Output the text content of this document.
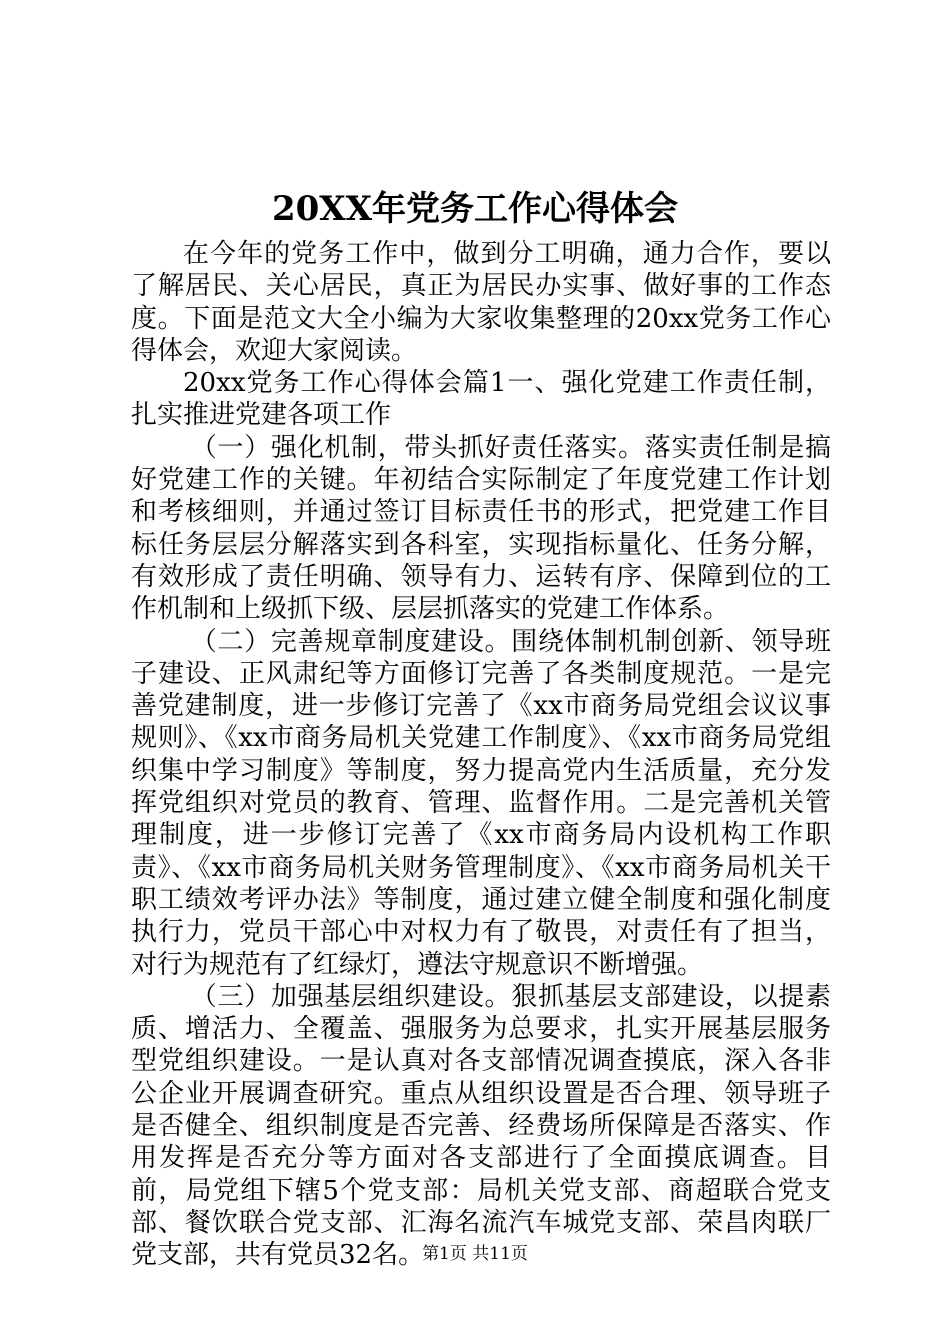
20XX年党务工作心得体会

在今年的党务工作中，做到分工明确，通力合作，要以了解居民、关心居民，真正为居民办实事、做好事的工作态度。下面是范文大全小编为大家收集整理的20xx党务工作心得体会，欢迎大家阅读。

20xx党务工作心得体会篇1一、强化党建工作责任制，扎实推进党建各项工作

（一）强化机制，带头抓好责任落实。落实责任制是搞好党建工作的关键。年初结合实际制定了年度党建工作计划和考核细则，并通过签订目标责任书的形式，把党建工作目标任务层层分解落实到各科室，实现指标量化、任务分解，有效形成了责任明确、领导有力、运转有序、保障到位的工作机制和上级抓下级、层层抓落实的党建工作体系。

（二）完善规章制度建设。围绕体制机制创新、领导班子建设、正风肃纪等方面修订完善了各类制度规范。一是完善党建制度，进一步修订完善了《xx市商务局党组会议议事规则》、《xx市商务局机关党建工作制度》、《xx市商务局党组织集中学习制度》等制度，努力提高党内生活质量，充分发挥党组织对党员的教育、管理、监督作用。二是完善机关管理制度，进一步修订完善了《xx市商务局内设机构工作职责》、《xx市商务局机关财务管理制度》、《xx市商务局机关干职工绩效考评办法》等制度，通过建立健全制度和强化制度执行力，党员干部心中对权力有了敬畏，对责任有了担当，对行为规范有了红绿灯，遵法守规意识不断增强。

（三）加强基层组织建设。狠抓基层支部建设，以提素质、增活力、全覆盖、强服务为总要求，扎实开展基层服务型党组织建设。一是认真对各支部情况调查摸底，深入各非公企业开展调查研究。重点从组织设置是否合理、领导班子是否健全、组织制度是否完善、经费场所保障是否落实、作用发挥是否充分等方面对各支部进行了全面摸底调查。目前，局党组下辖5个党支部：局机关党支部、商超联合党支部、餐饮联合党支部、汇海名流汽车城党支部、荣昌肉联厂党支部，共有党员32名。

第1页 共11页
